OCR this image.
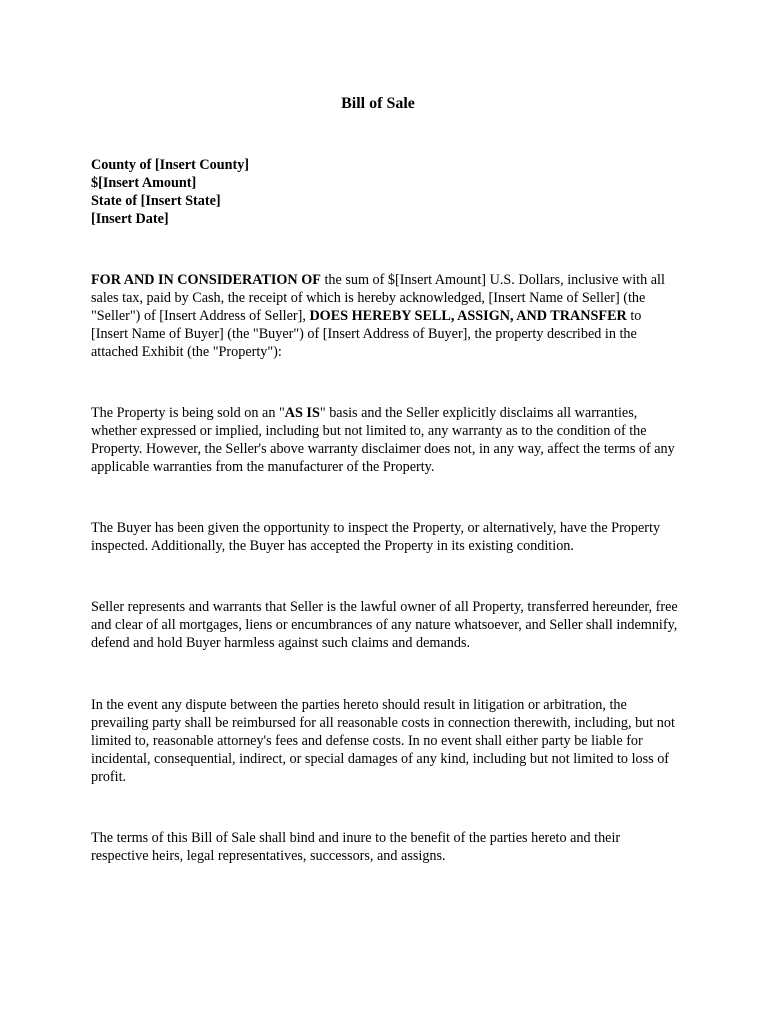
Bill of Sale
County of [Insert County]
$[Insert Amount]
State of [Insert State]
[Insert Date]

FOR AND IN CONSIDERATION OF the sum of $[Insert Amount] U.S. Dollars, inclusive with all sales tax, paid by Cash, the receipt of which is hereby acknowledged, [Insert Name of Seller] (the "Seller") of [Insert Address of Seller], DOES HEREBY SELL, ASSIGN, AND TRANSFER to [Insert Name of Buyer] (the "Buyer") of [Insert Address of Buyer], the property described in the attached Exhibit (the "Property"):

The Property is being sold on an "AS IS" basis and the Seller explicitly disclaims all warranties, whether expressed or implied, including but not limited to, any warranty as to the condition of the Property. However, the Seller's above warranty disclaimer does not, in any way, affect the terms of any applicable warranties from the manufacturer of the Property.

The Buyer has been given the opportunity to inspect the Property, or alternatively, have the Property inspected. Additionally, the Buyer has accepted the Property in its existing condition.

Seller represents and warrants that Seller is the lawful owner of all Property, transferred hereunder, free and clear of all mortgages, liens or encumbrances of any nature whatsoever, and Seller shall indemnify, defend and hold Buyer harmless against such claims and demands.

In the event any dispute between the parties hereto should result in litigation or arbitration, the prevailing party shall be reimbursed for all reasonable costs in connection therewith, including, but not limited to, reasonable attorney's fees and defense costs. In no event shall either party be liable for incidental, consequential, indirect, or special damages of any kind, including but not limited to loss of profit.

The terms of this Bill of Sale shall bind and inure to the benefit of the parties hereto and their respective heirs, legal representatives, successors, and assigns.
